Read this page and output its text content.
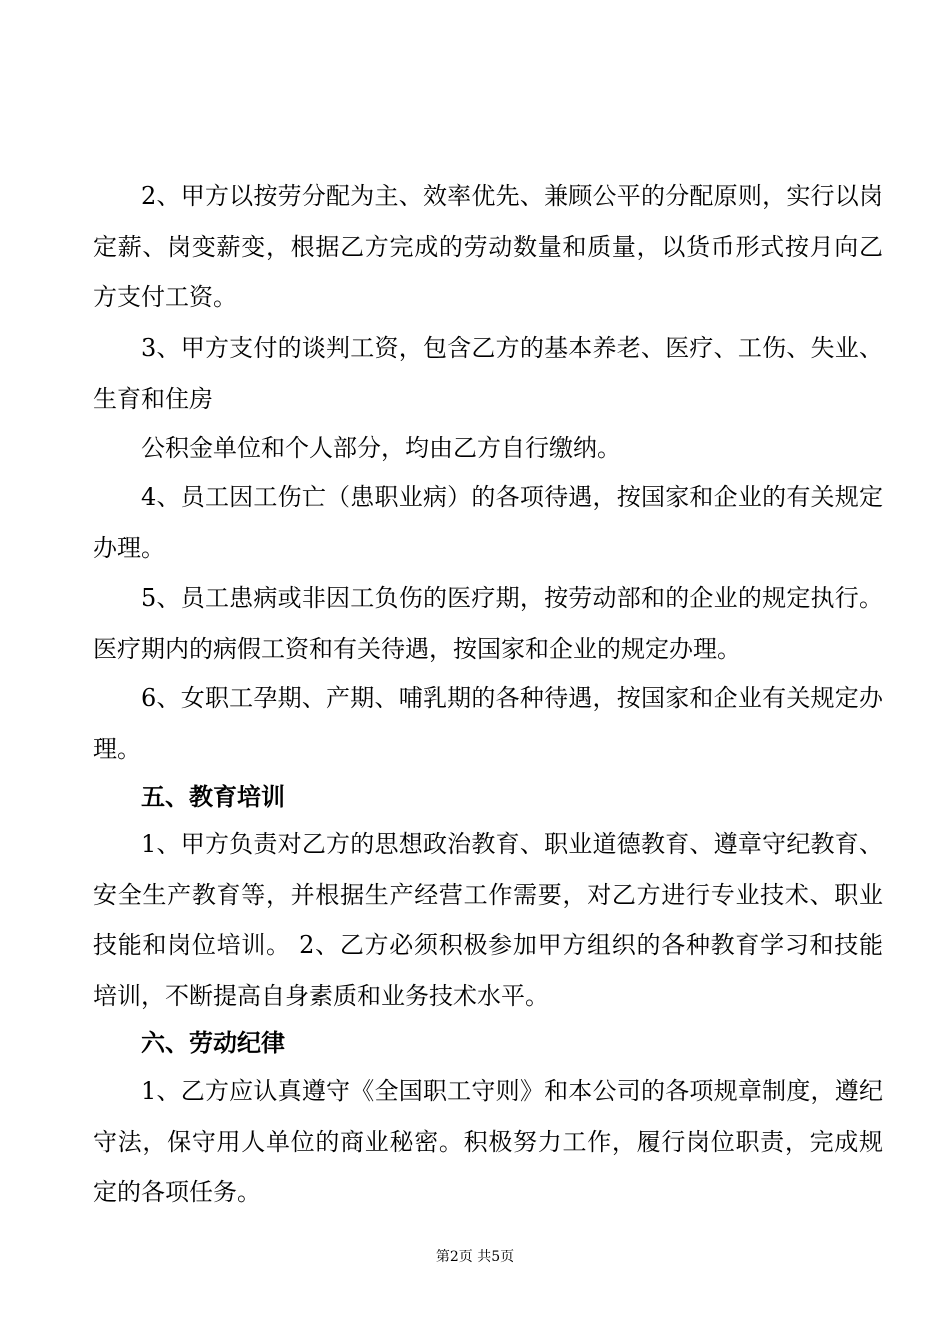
2、甲方以按劳分配为主、效率优先、兼顾公平的分配原则，实行以岗定薪、岗变薪变，根据乙方完成的劳动数量和质量，以货币形式按月向乙方支付工资。

3、甲方支付的谈判工资，包含乙方的基本养老、医疗、工伤、失业、生育和住房

公积金单位和个人部分，均由乙方自行缴纳。

4、员工因工伤亡（患职业病）的各项待遇，按国家和企业的有关规定办理。

5、员工患病或非因工负伤的医疗期，按劳动部和的企业的规定执行。医疗期内的病假工资和有关待遇，按国家和企业的规定办理。

6、女职工孕期、产期、哺乳期的各种待遇，按国家和企业有关规定办理。

五、教育培训

1、甲方负责对乙方的思想政治教育、职业道德教育、遵章守纪教育、安全生产教育等，并根据生产经营工作需要，对乙方进行专业技术、职业技能和岗位培训。 2、乙方必须积极参加甲方组织的各种教育学习和技能培训，不断提高自身素质和业务技术水平。

六、劳动纪律

1、乙方应认真遵守《全国职工守则》和本公司的各项规章制度，遵纪守法，保守用人单位的商业秘密。积极努力工作，履行岗位职责，完成规定的各项任务。

第2页 共5页
